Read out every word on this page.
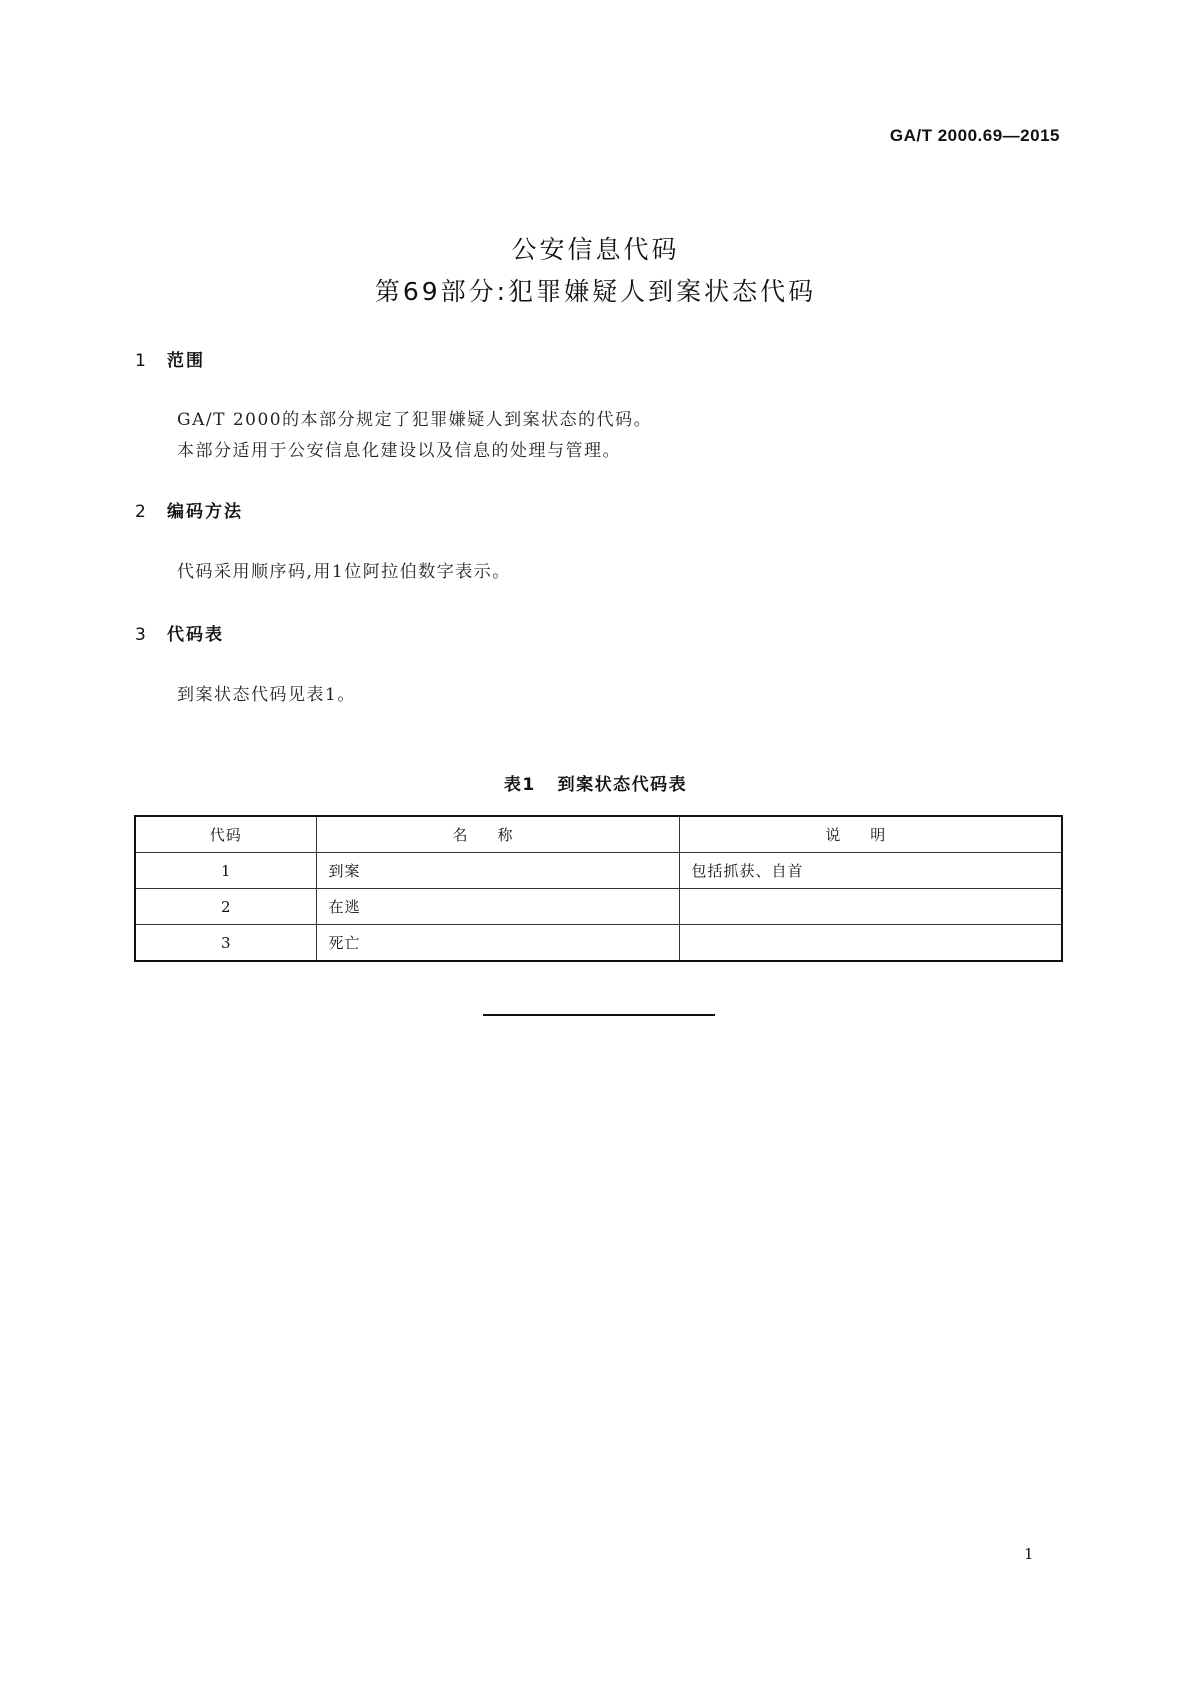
GA/T 2000.69—2015
公安信息代码
第69部分:犯罪嫌疑人到案状态代码
1 范围
GA/T 2000的本部分规定了犯罪嫌疑人到案状态的代码。
本部分适用于公安信息化建设以及信息的处理与管理。
2 编码方法
代码采用顺序码,用1位阿拉伯数字表示。
3 代码表
到案状态代码见表1。
表1 到案状态代码表
代码	名称	说明
1	到案	包括抓获、自首
2	在逃	
3	死亡	
1
